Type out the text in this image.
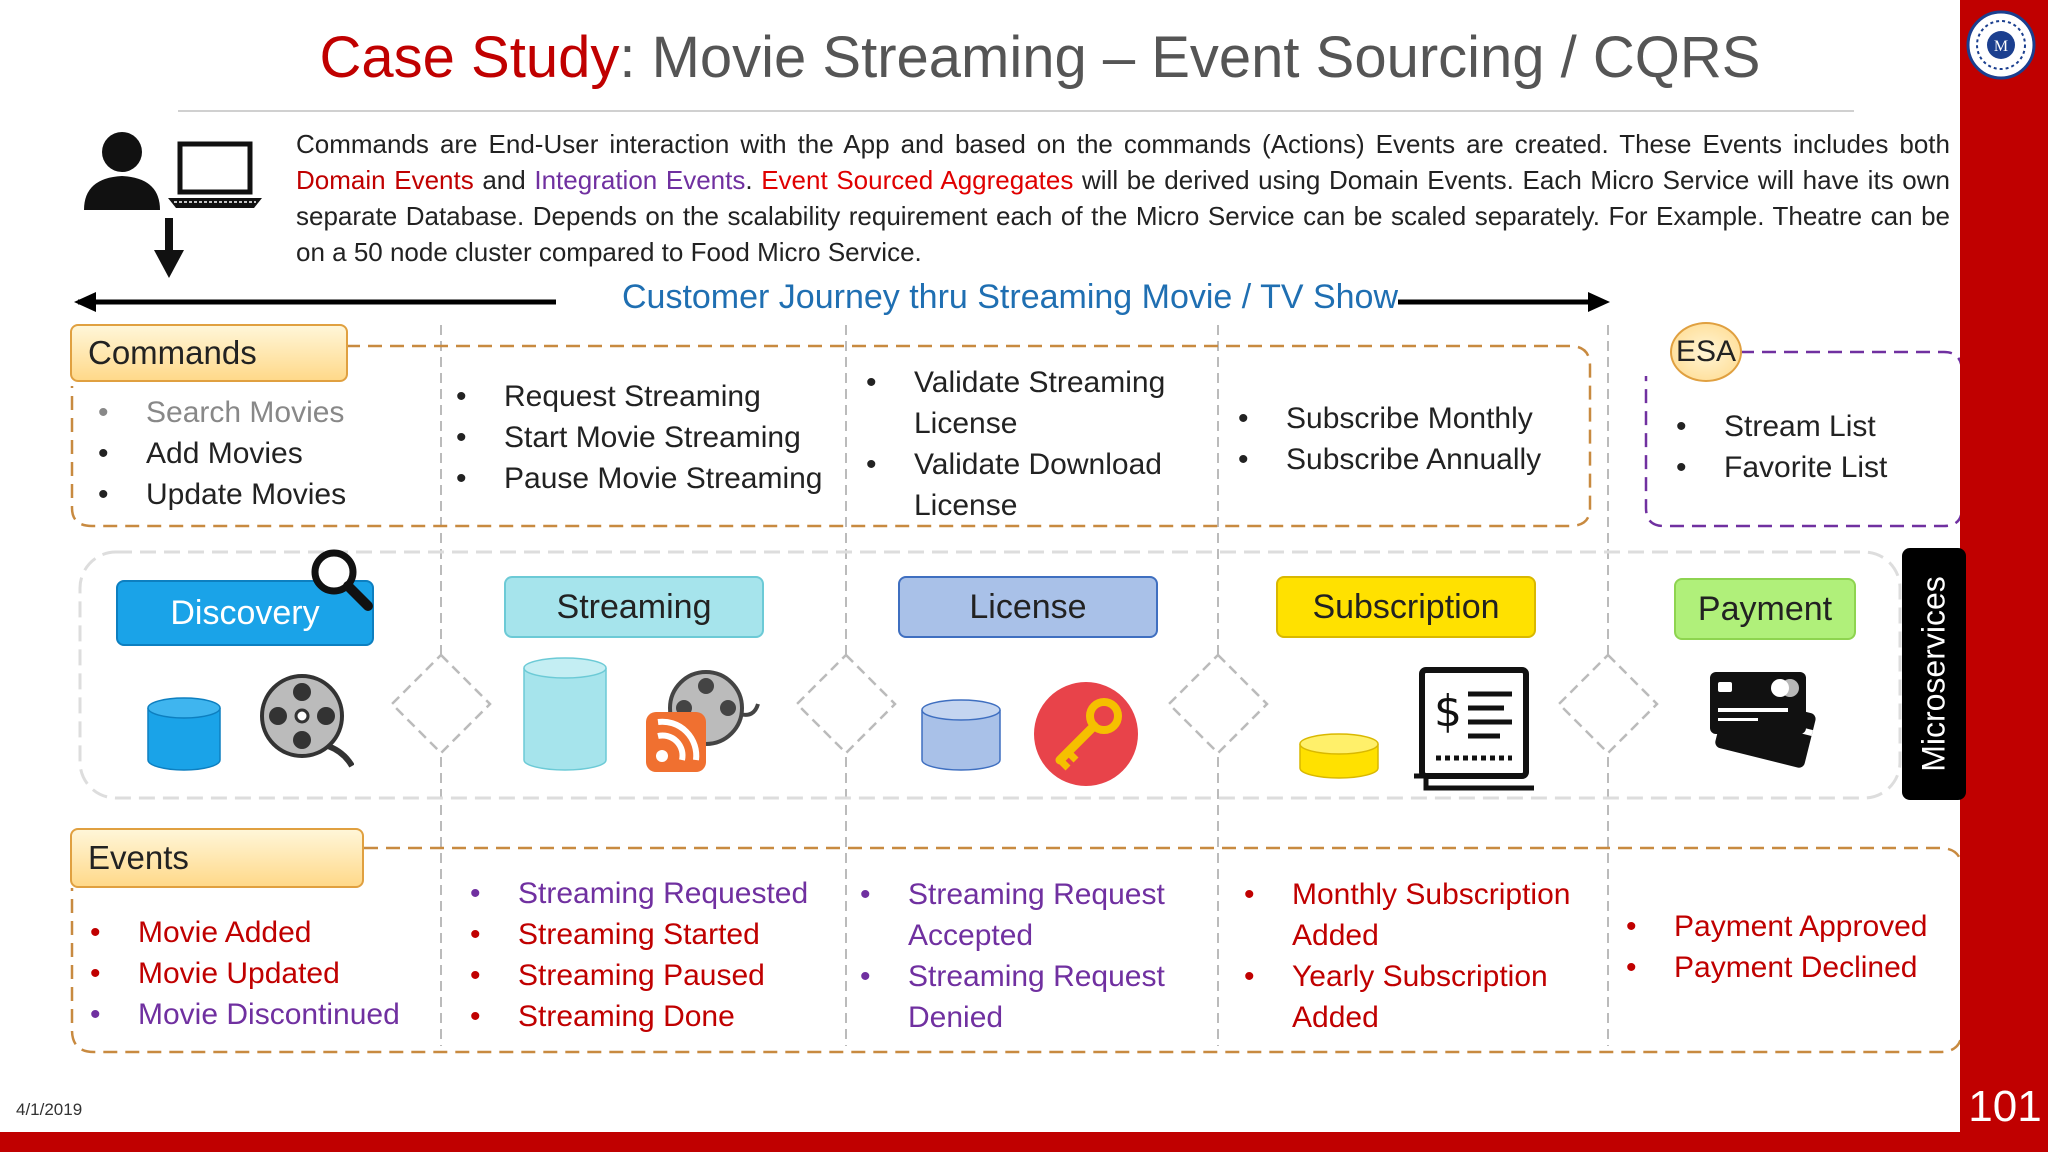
M
101
4/1/2019
Case Study: Movie Streaming – Event Sourcing / CQRS
Commands are End-User interaction with the App and based on the commands (Actions) Events are created. These Events includes both Domain Events and Integration Events. Event Sourced Aggregates will be derived using Domain Events. Each Micro Service will have its own separate Database. Depends on the scalability requirement each of the Micro Service can be scaled separately. For Example. Theatre can be on a 50 node cluster compared to Food Micro Service.
Customer Journey thru Streaming Movie / TV Show
Commands
• Search Movies
• Add Movies
• Update Movies
• Request Streaming
• Start Movie Streaming
• Pause Movie Streaming
• Validate Streaming License
• Validate Download License
• Subscribe Monthly
• Subscribe Annually
ESA
• Stream List
• Favorite List
Discovery	Streaming	License	Subscription	Payment	Microservices
$
Events
• Movie Added
• Movie Updated
• Movie Discontinued
• Streaming Requested
• Streaming Started
• Streaming Paused
• Streaming Done
• Streaming Request Accepted
• Streaming Request Denied
• Monthly Subscription Added
• Yearly Subscription Added
• Payment Approved
• Payment Declined
